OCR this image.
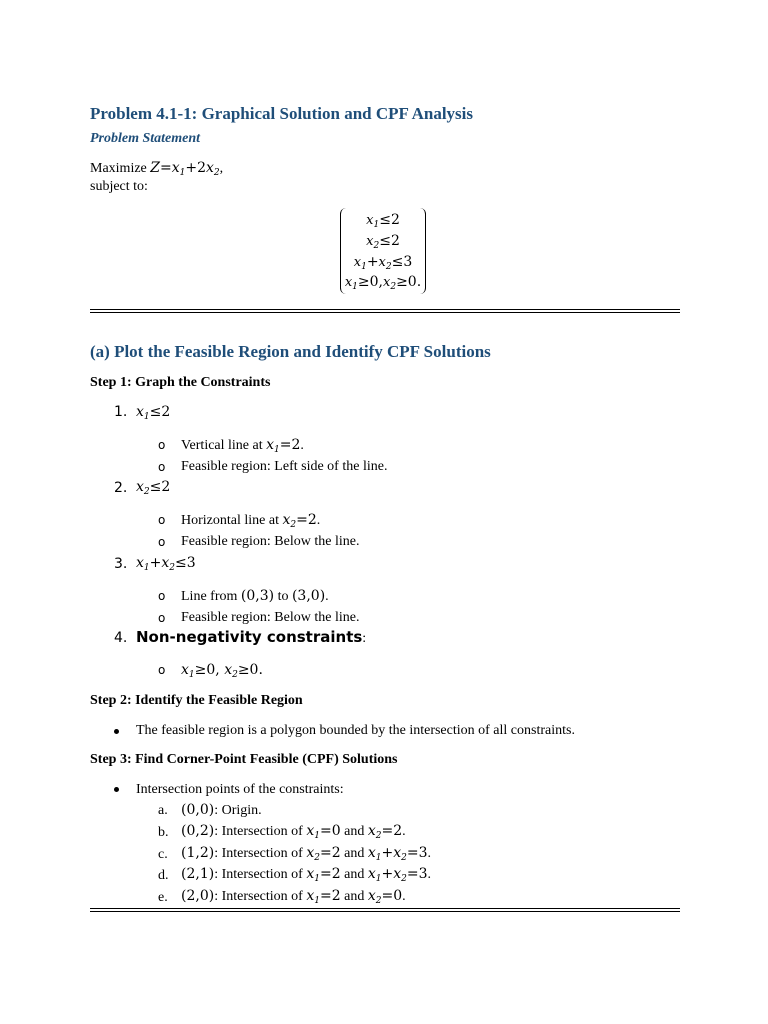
Problem 4.1-1: Graphical Solution and CPF Analysis
Problem Statement
Maximize $Z=x_1+2x_2$,
subject to:
$x_1\le 2$
$x_2\le 2$
$x_1+x_2\le 3$
$x_1\ge 0,x_2\ge 0$.
(a) Plot the Feasible Region and Identify CPF Solutions
Step 1: Graph the Constraints
1. $x_1\le 2$
o Vertical line at $x_1=2$.
o Feasible region: Left side of the line.
2. $x_2\le 2$
o Horizontal line at $x_2=2$.
o Feasible region: Below the line.
3. $x_1+x_2\le 3$
o Line from (0,3) to (3,0).
o Feasible region: Below the line.
4. Non-negativity constraints:
o $x_1\ge 0$, $x_2\ge 0$.
Step 2: Identify the Feasible Region
The feasible region is a polygon bounded by the intersection of all constraints.
Step 3: Find Corner-Point Feasible (CPF) Solutions
Intersection points of the constraints:
a. (0,0): Origin.
b. (0,2): Intersection of $x_1=0$ and $x_2=2$.
c. (1,2): Intersection of $x_2=2$ and $x_1+x_2=3$.
d. (2,1): Intersection of $x_1=2$ and $x_1+x_2=3$.
e. (2,0): Intersection of $x_1=2$ and $x_2=0$.
